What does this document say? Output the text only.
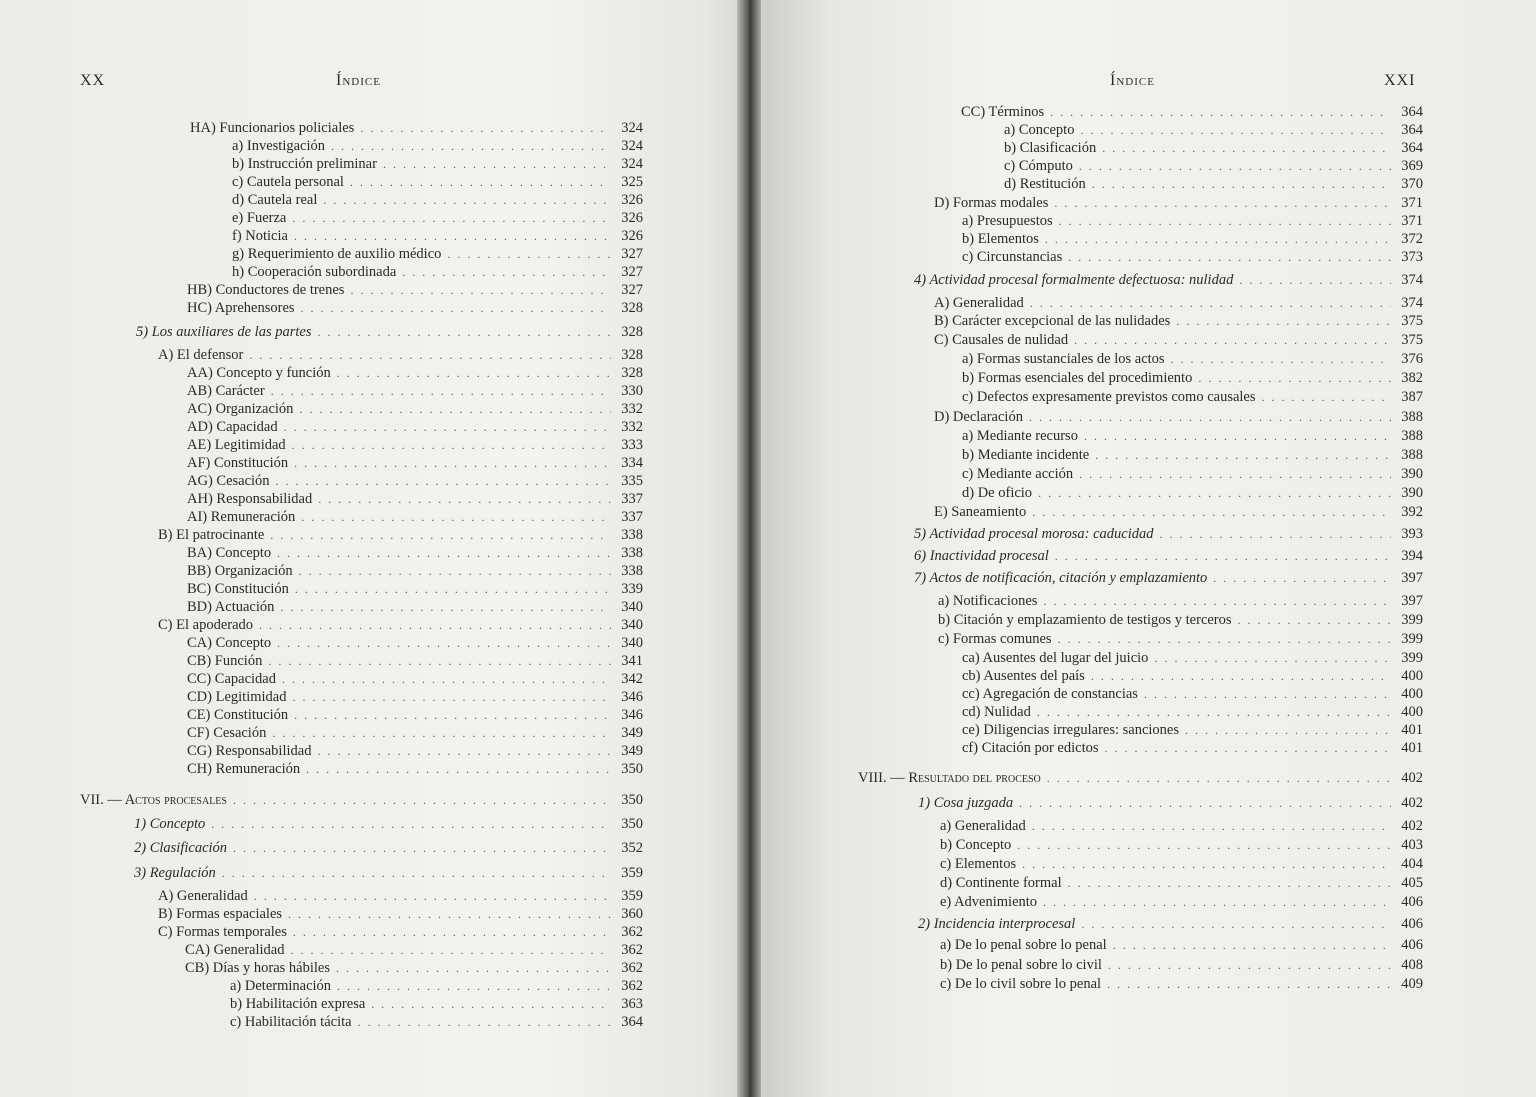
XX	Índice
HA) Funcionarios policiales . . .	324
a) Investigación . . .	324
b) Instrucción preliminar . . .	324
c) Cautela personal . . .	325
d) Cautela real . . .	326
e) Fuerza . . .	326
f) Noticia . . .	326
g) Requerimiento de auxilio médico . . .	327
h) Cooperación subordinada . . .	327
HB) Conductores de trenes . . .	327
HC) Aprehensores . . .	328
5) Los auxiliares de las partes . . .	328
A) El defensor . . .	328
AA) Concepto y función . . .	328
AB) Carácter . . .	330
AC) Organización . . .	332
AD) Capacidad . . .	332
AE) Legitimidad . . .	333
AF) Constitución . . .	334
AG) Cesación . . .	335
AH) Responsabilidad . . .	337
AI) Remuneración . . .	337
B) El patrocinante . . .	338
BA) Concepto . . .	338
BB) Organización . . .	338
BC) Constitución . . .	339
BD) Actuación . . .	340
C) El apoderado . . .	340
CA) Concepto . . .	340
CB) Función . . .	341
CC) Capacidad . . .	342
CD) Legitimidad . . .	346
CE) Constitución . . .	346
CF) Cesación . . .	349
CG) Responsabilidad . . .	349
CH) Remuneración . . .	350
VII. — Actos procesales . . .	350
1) Concepto . . .	350
2) Clasificación . . .	352
3) Regulación . . .	359
A) Generalidad . . .	359
B) Formas espaciales . . .	360
C) Formas temporales . . .	362
CA) Generalidad . . .	362
CB) Días y horas hábiles . . .	362
a) Determinación . . .	362
b) Habilitación expresa . . .	363
c) Habilitación tácita . . .	364
Índice	XXI
CC) Términos . . .	364
a) Concepto . . .	364
b) Clasificación . . .	364
c) Cómputo . . .	369
d) Restitución . . .	370
D) Formas modales . . .	371
a) Presupuestos . . .	371
b) Elementos . . .	372
c) Circunstancias . . .	373
4) Actividad procesal formalmente defectuosa: nulidad . . .	374
A) Generalidad . . .	374
B) Carácter excepcional de las nulidades . . .	375
C) Causales de nulidad . . .	375
a) Formas sustanciales de los actos . . .	376
b) Formas esenciales del procedimiento . . .	382
c) Defectos expresamente previstos como causales . . .	387
D) Declaración . . .	388
a) Mediante recurso . . .	388
b) Mediante incidente . . .	388
c) Mediante acción . . .	390
d) De oficio . . .	390
E) Saneamiento . . .	392
5) Actividad procesal morosa: caducidad . . .	393
6) Inactividad procesal . . .	394
7) Actos de notificación, citación y emplazamiento . . .	397
a) Notificaciones . . .	397
b) Citación y emplazamiento de testigos y terceros . . .	399
c) Formas comunes . . .	399
ca) Ausentes del lugar del juicio . . .	399
cb) Ausentes del país . . .	400
cc) Agregación de constancias . . .	400
cd) Nulidad . . .	400
ce) Diligencias irregulares: sanciones . . .	401
cf) Citación por edictos . . .	401
VIII. — Resultado del proceso . . .	402
1) Cosa juzgada . . .	402
a) Generalidad . . .	402
b) Concepto . . .	403
c) Elementos . . .	404
d) Continente formal . . .	405
e) Advenimiento . . .	406
2) Incidencia interprocesal . . .	406
a) De lo penal sobre lo penal . . .	406
b) De lo penal sobre lo civil . . .	408
c) De lo civil sobre lo penal . . .	409
